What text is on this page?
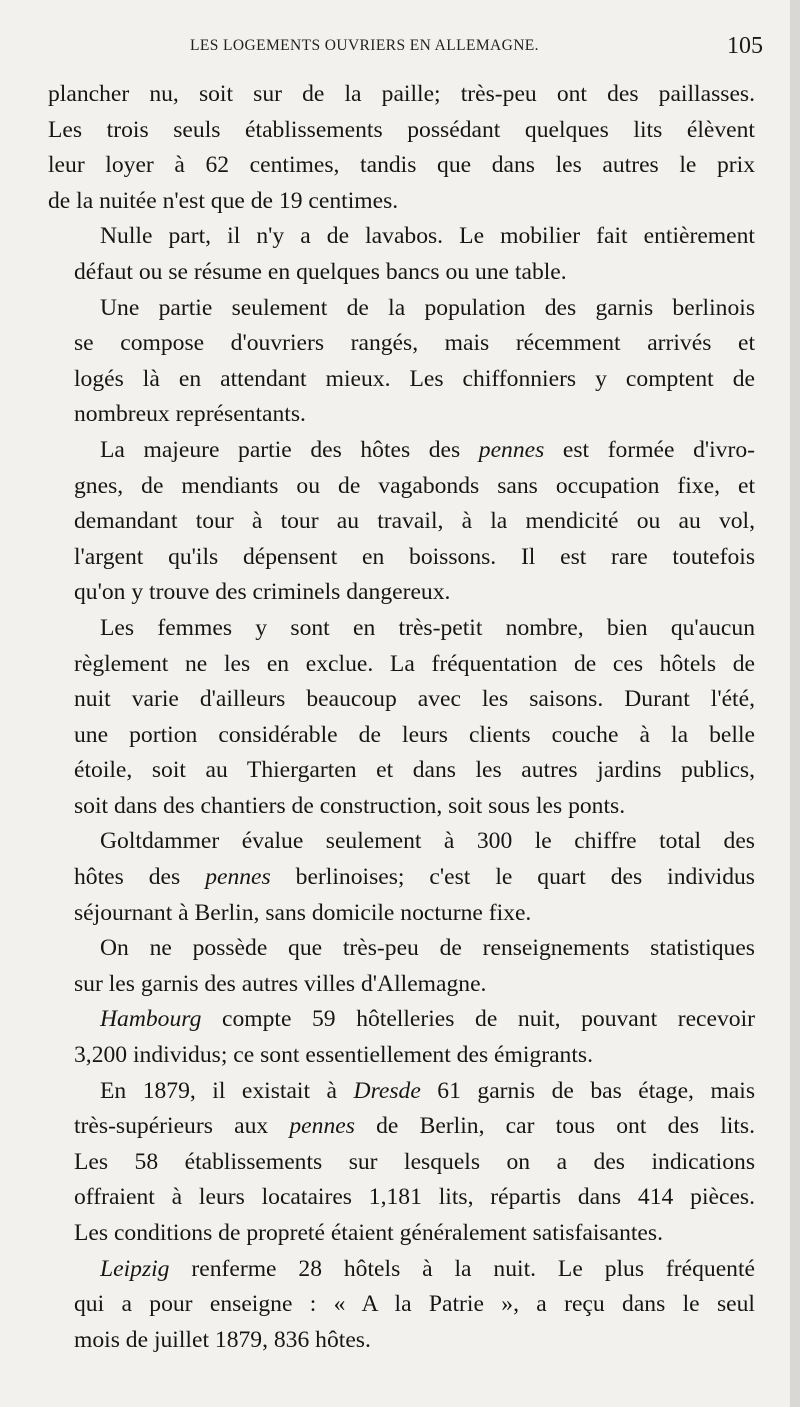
LES LOGEMENTS OUVRIERS EN ALLEMAGNE.	105
plancher nu, soit sur de la paille; très-peu ont des paillasses.
Les trois seuls établissements possédant quelques lits élèvent
leur loyer à 62 centimes, tandis que dans les autres le prix
de la nuitée n'est que de 19 centimes.
Nulle part, il n'y a de lavabos. Le mobilier fait entièrement
défaut ou se résume en quelques bancs ou une table.
Une partie seulement de la population des garnis berlinois
se compose d'ouvriers rangés, mais récemment arrivés et
logés là en attendant mieux. Les chiffonniers y comptent de
nombreux représentants.
La majeure partie des hôtes des pennes est formée d'ivro-
gnes, de mendiants ou de vagabonds sans occupation fixe, et
demandant tour à tour au travail, à la mendicité ou au vol,
l'argent qu'ils dépensent en boissons. Il est rare toutefois
qu'on y trouve des criminels dangereux.
Les femmes y sont en très-petit nombre, bien qu'aucun
règlement ne les en exclue. La fréquentation de ces hôtels de
nuit varie d'ailleurs beaucoup avec les saisons. Durant l'été,
une portion considérable de leurs clients couche à la belle
étoile, soit au Thiergarten et dans les autres jardins publics,
soit dans des chantiers de construction, soit sous les ponts.
Goltdammer évalue seulement à 300 le chiffre total des
hôtes des pennes berlinoises; c'est le quart des individus
séjournant à Berlin, sans domicile nocturne fixe.
On ne possède que très-peu de renseignements statistiques
sur les garnis des autres villes d'Allemagne.
Hambourg compte 59 hôtelleries de nuit, pouvant recevoir
3,200 individus; ce sont essentiellement des émigrants.
En 1879, il existait à Dresde 61 garnis de bas étage, mais
très-supérieurs aux pennes de Berlin, car tous ont des lits.
Les 58 établissements sur lesquels on a des indications
offraient à leurs locataires 1,181 lits, répartis dans 414 pièces.
Les conditions de propreté étaient généralement satisfaisantes.
Leipzig renferme 28 hôtels à la nuit. Le plus fréquenté
qui a pour enseigne : « A la Patrie », a reçu dans le seul
mois de juillet 1879, 836 hôtes.
